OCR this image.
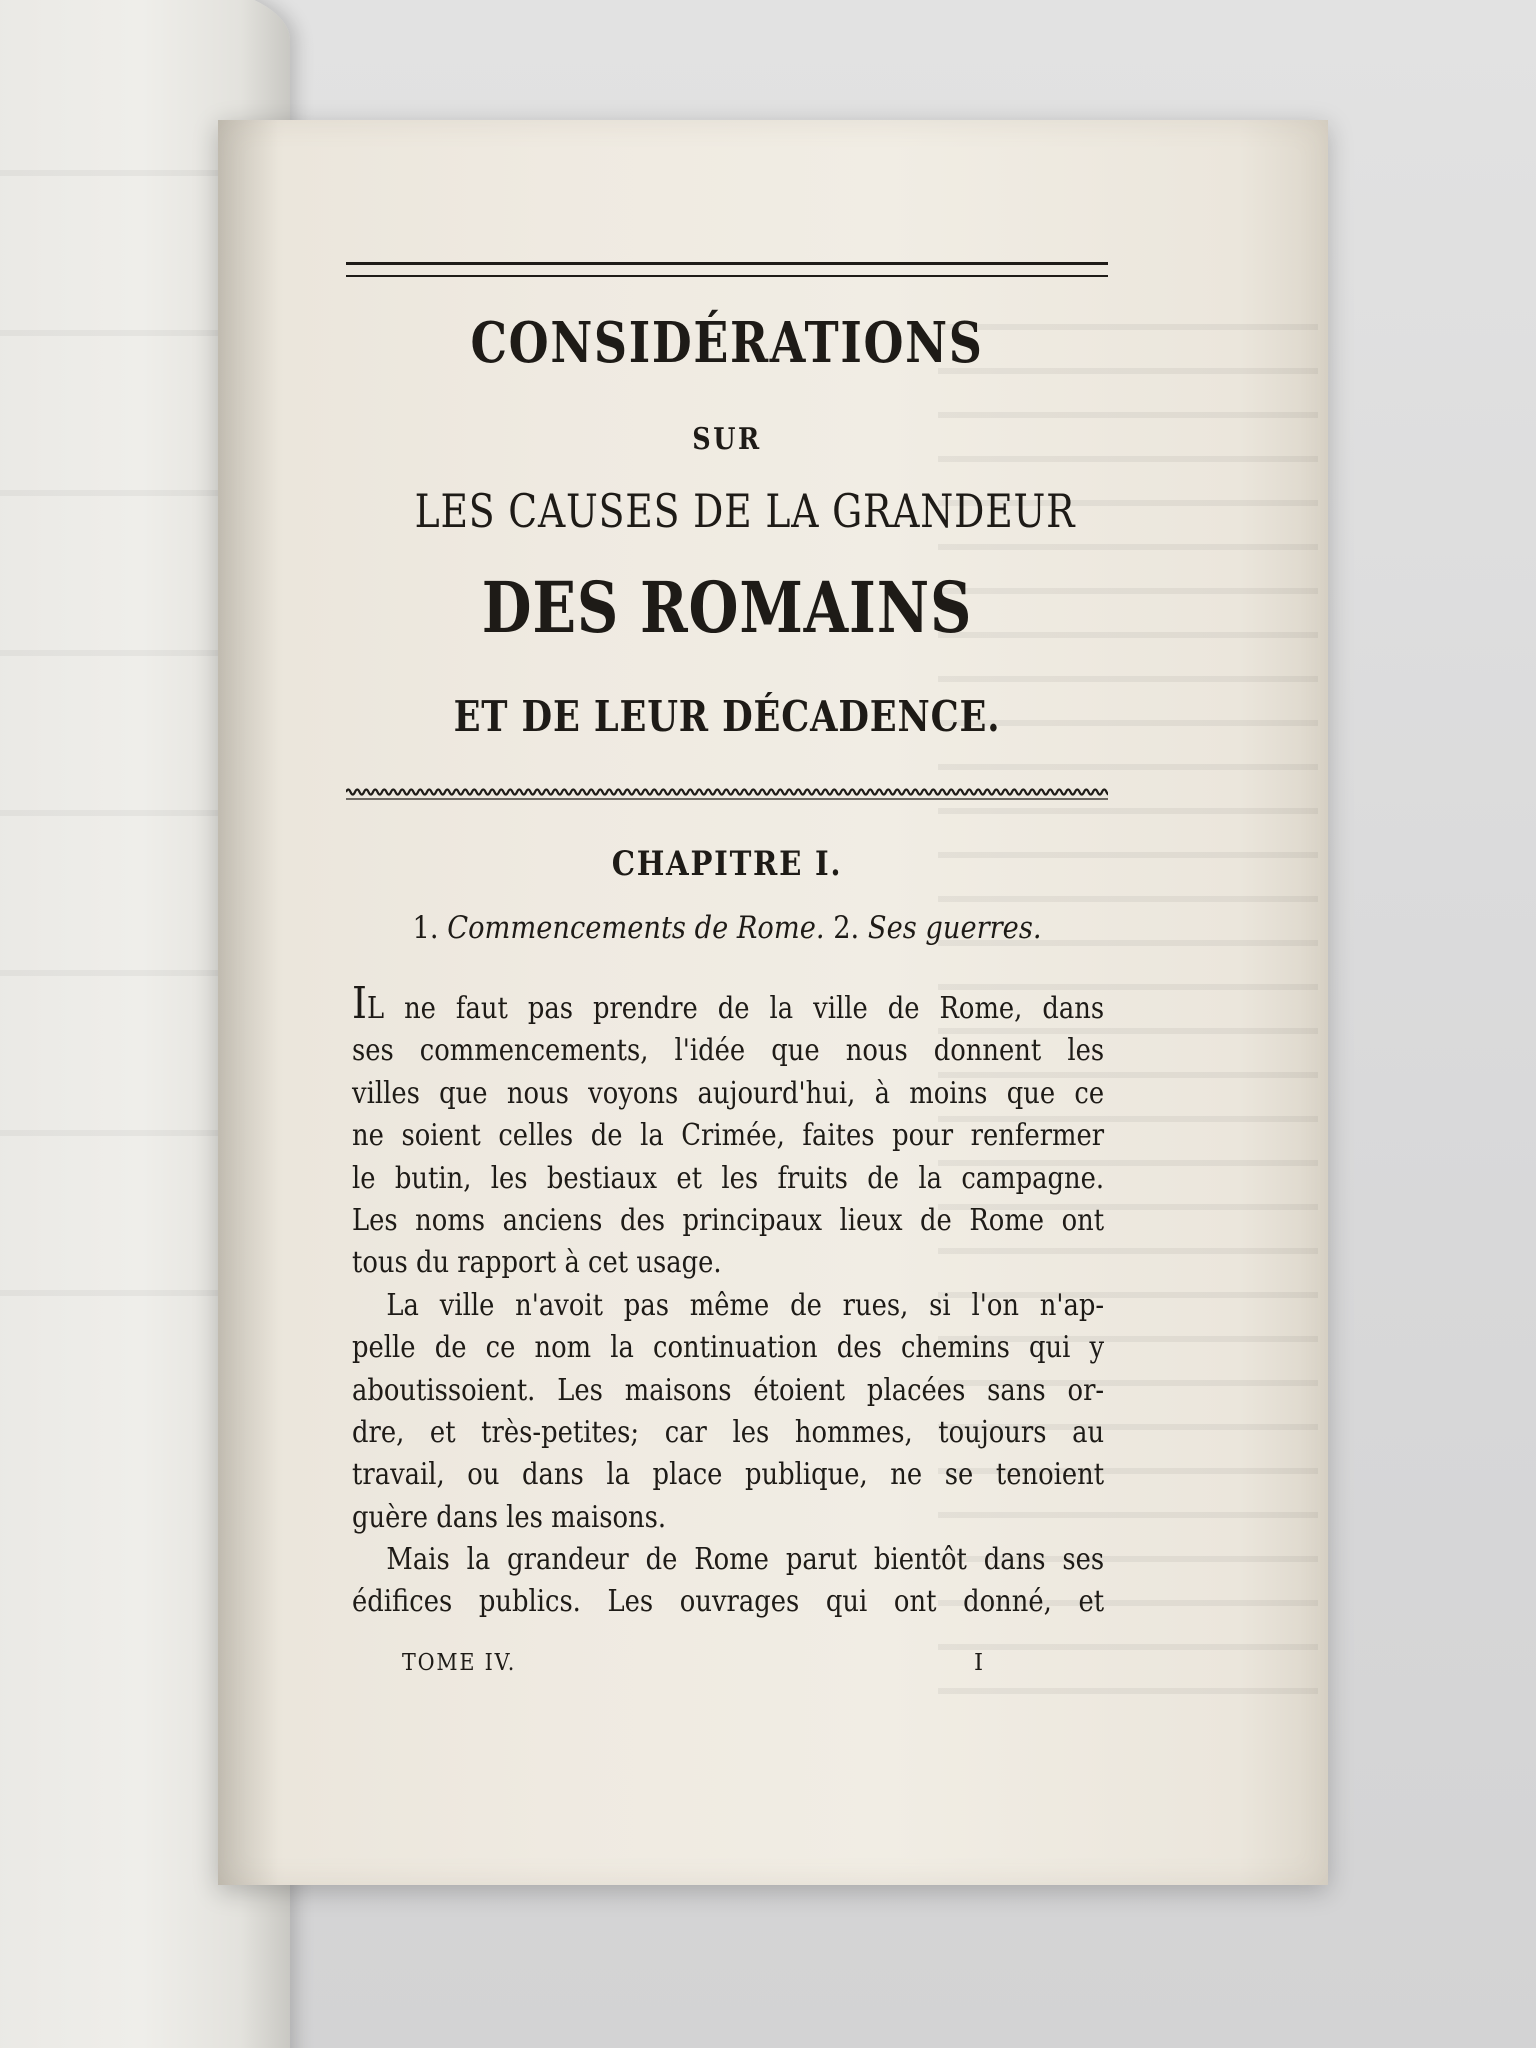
CONSIDÉRATIONS
SUR
LES CAUSES DE LA GRANDEUR
DES ROMAINS
ET DE LEUR DÉCADENCE.
CHAPITRE I.
1. Commencements de Rome. 2. Ses guerres.
IL ne faut pas prendre de la ville de Rome, dans
ses commencements, l'idée que nous donnent les
villes que nous voyons aujourd'hui, à moins que ce
ne soient celles de la Crimée, faites pour renfermer
le butin, les bestiaux et les fruits de la campagne.
Les noms anciens des principaux lieux de Rome ont
tous du rapport à cet usage.
La ville n'avoit pas même de rues, si l'on n'ap-
pelle de ce nom la continuation des chemins qui y
aboutissoient. Les maisons étoient placées sans or-
dre, et très-petites; car les hommes, toujours au
travail, ou dans la place publique, ne se tenoient
guère dans les maisons.
Mais la grandeur de Rome parut bientôt dans ses
édifices publics. Les ouvrages qui ont donné, et
TOME IV.	I
